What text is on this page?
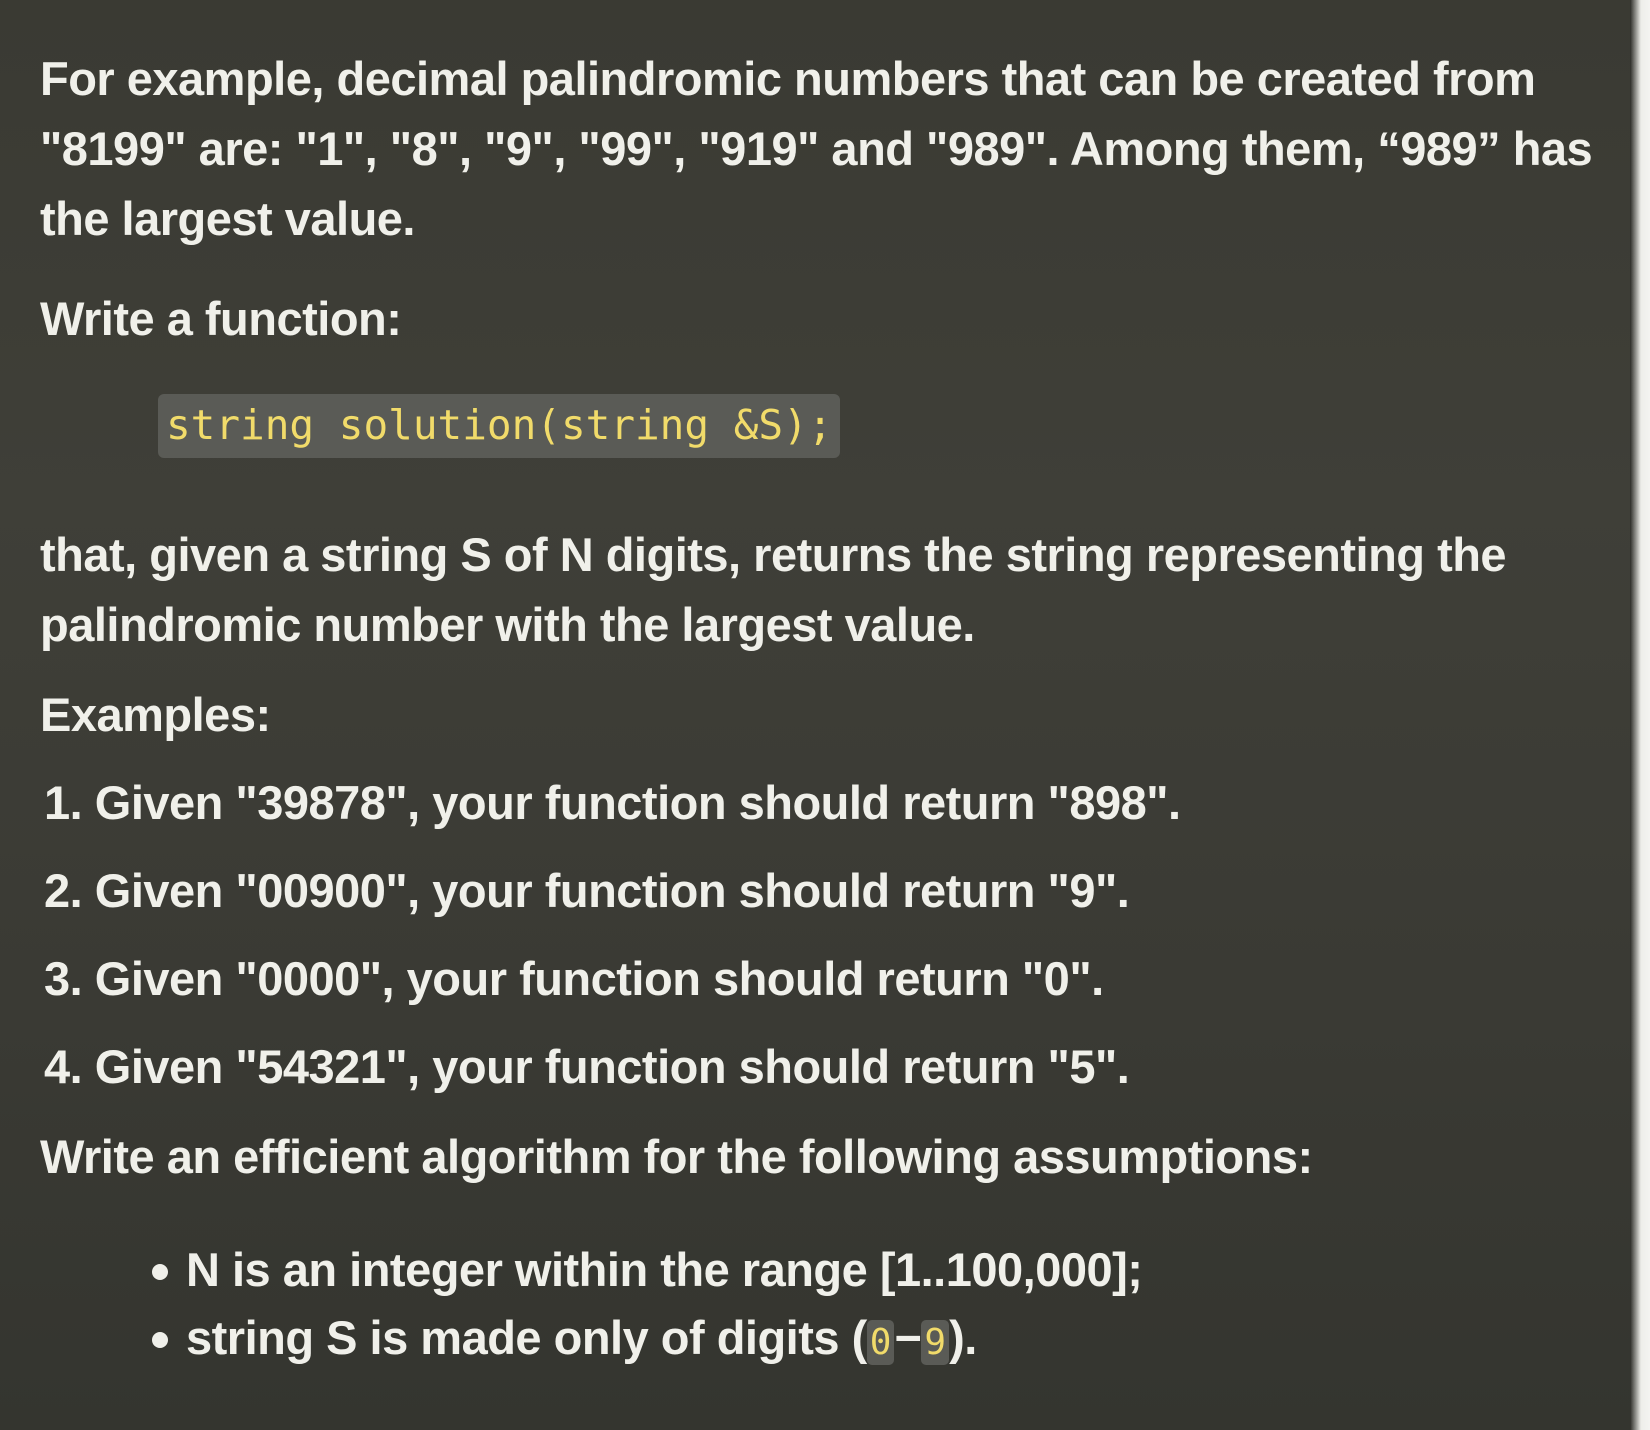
For example, decimal palindromic numbers that can be created from "8199" are: "1", "8", "9", "99", "919" and "989". Among them, “989” has the largest value.

Write a function:

string solution(string &S);

that, given a string S of N digits, returns the string representing the palindromic number with the largest value.

Examples:

1. Given "39878", your function should return "898".

2. Given "00900", your function should return "9".

3. Given "0000", your function should return "0".

4. Given "54321", your function should return "5".

Write an efficient algorithm for the following assumptions:

N is an integer within the range [1..100,000];
string S is made only of digits (0−9).
